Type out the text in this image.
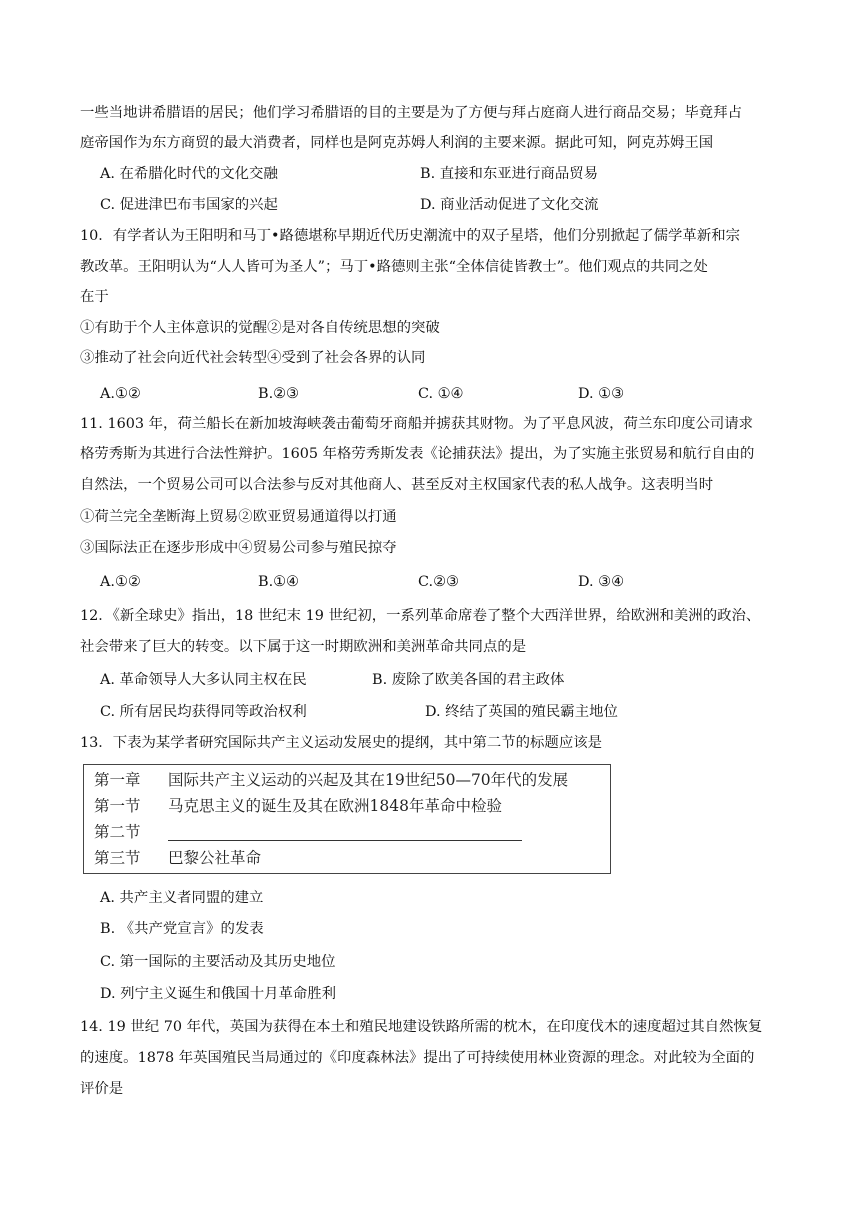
一些当地讲希腊语的居民；他们学习希腊语的目的主要是为了方便与拜占庭商人进行商品交易；毕竟拜占
庭帝国作为东方商贸的最大消费者，同样也是阿克苏姆人利润的主要来源。据此可知，阿克苏姆王国
A. 在希腊化时代的文化交融	B. 直接和东亚进行商品贸易
C. 促进津巴布韦国家的兴起	D. 商业活动促进了文化交流
10．有学者认为王阳明和马丁•路德堪称早期近代历史潮流中的双子星塔，他们分别掀起了儒学革新和宗
教改革。王阳明认为“人人皆可为圣人”；马丁•路德则主张“全体信徒皆教士”。他们观点的共同之处
在于
①有助于个人主体意识的觉醒②是对各自传统思想的突破
③推动了社会向近代社会转型④受到了社会各界的认同
A.①②	B.②③	C. ①④	D. ①③
11. 1603 年，荷兰船长在新加坡海峡袭击葡萄牙商船并掳获其财物。为了平息风波，荷兰东印度公司请求
格劳秀斯为其进行合法性辩护。1605 年格劳秀斯发表《论捕获法》提出，为了实施主张贸易和航行自由的
自然法，一个贸易公司可以合法参与反对其他商人、甚至反对主权国家代表的私人战争。这表明当时
①荷兰完全垄断海上贸易②欧亚贸易通道得以打通
③国际法正在逐步形成中④贸易公司参与殖民掠夺
A.①②	B.①④	C.②③	D. ③④
12．《新全球史》指出，18 世纪末 19 世纪初，一系列革命席卷了整个大西洋世界，给欧洲和美洲的政治、
社会带来了巨大的转变。以下属于这一时期欧洲和美洲革命共同点的是
A. 革命领导人大多认同主权在民	B. 废除了欧美各国的君主政体
C. 所有居民均获得同等政治权利	D. 终结了英国的殖民霸主地位
13．下表为某学者研究国际共产主义运动发展史的提纲，其中第二节的标题应该是
第一章 国际共产主义运动的兴起及其在19世纪50—70年代的发展
第一节 马克思主义的诞生及其在欧洲1848年革命中检验
第二节
第三节 巴黎公社革命
A. 共产主义者同盟的建立
B. 《共产党宣言》的发表
C. 第一国际的主要活动及其历史地位
D. 列宁主义诞生和俄国十月革命胜利
14. 19 世纪 70 年代，英国为获得在本土和殖民地建设铁路所需的枕木，在印度伐木的速度超过其自然恢复
的速度。1878 年英国殖民当局通过的《印度森林法》提出了可持续使用林业资源的理念。对此较为全面的
评价是
